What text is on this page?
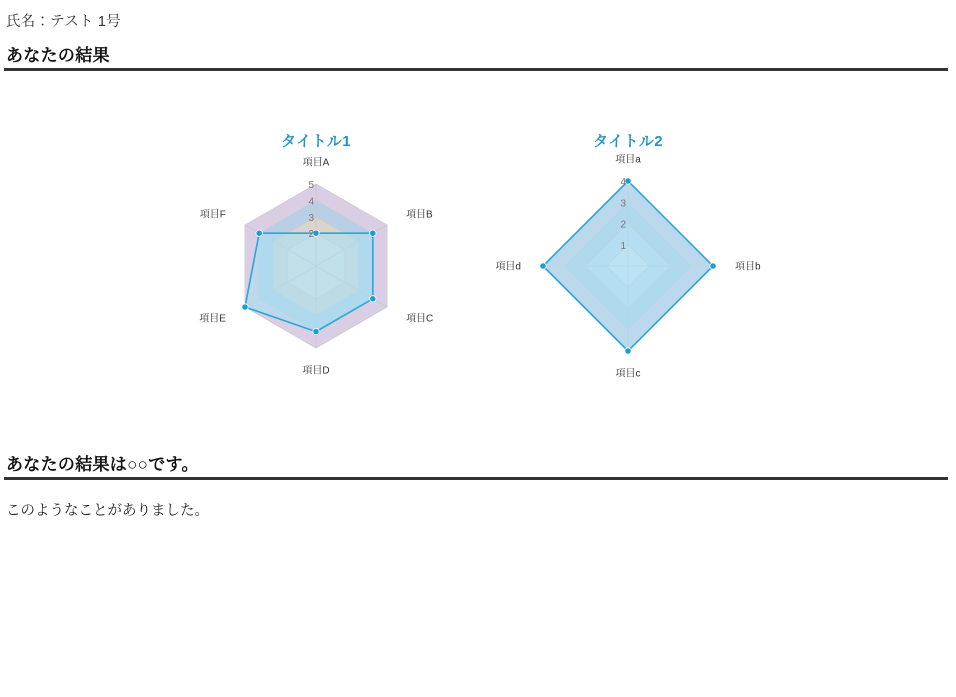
氏名：テスト 1号
あなたの結果
タイトル1
項目A
項目B
項目C
項目D
項目E
項目F
2
3
4
5
タイトル2
項目a
項目b
項目c
項目d
1
2
3
4
あなたの結果は○○です。
このようなことがありました。
